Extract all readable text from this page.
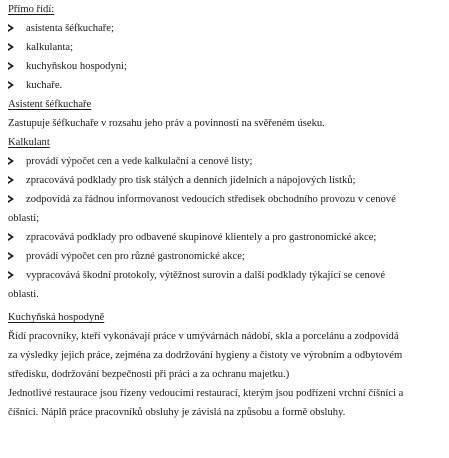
Přímo řídí:
asistenta šéfkuchaře;
kalkulanta;
kuchyňskou hospodyni;
kuchaře.
Asistent šéfkuchaře
Zastupuje šéfkuchaře v rozsahu jeho práv a povinností na svěřeném úseku.
Kalkulant
provádí výpočet cen a vede kalkulační a cenové listy;
zpracovává podklady pro tisk stálých a denních jídelních a nápojových lístků;
zodpovídá za řádnou informovanost vedoucích středisek obchodního provozu v cenové
oblasti;
zpracovává podklady pro odbavené skupinové klientely a pro gastronomické akce;
provádí výpočet cen pro různé gastronomické akce;
vypracovává škodní protokoly, výtěžnost surovin a další podklady týkající se cenové
oblasti.
Kuchyňská hospodyně
Řídí pracovníky, kteří vykonávají práce v umývárnách nádobí, skla a porcelánu a zodpovídá
za výsledky jejich práce, zejména za dodržování hygieny a čistoty ve výrobním a odbytovém
středisku, dodržování bezpečnosti při práci a za ochranu majetku.)
Jednotlivé restaurace jsou řízeny vedoucími restaurací, kterým jsou podřízeni vrchní číšníci a
číšníci. Náplň práce pracovníků obsluhy je závislá na způsobu a formě obsluhy.
